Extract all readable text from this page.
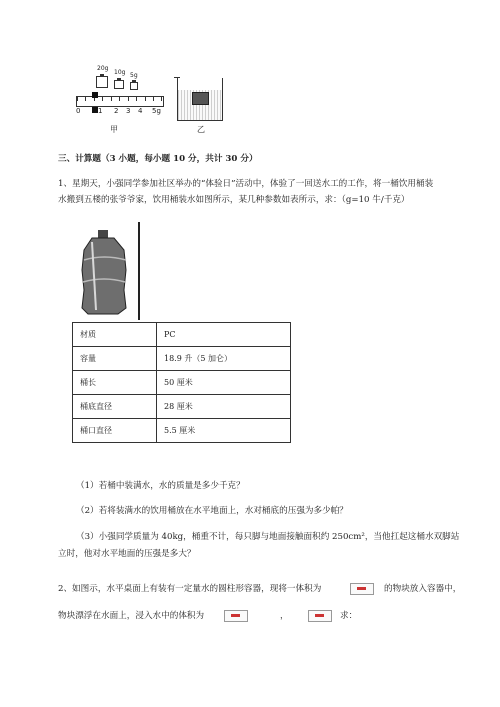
20g
10g 5g
0	1 2 3 4 5g
甲	乙
三、计算题（3 小题，每小题 10 分，共计 30 分）
1、星期天，小强同学参加社区举办的“体验日”活动中，体验了一回送水工的工作，将一桶饮用桶装
水搬到五楼的张爷爷家，饮用桶装水如图所示，某几种参数如表所示，求：（g=10 牛/千克）
材质	PC
容量	18.9 升（5 加仑）
桶长	50 厘米
桶底直径	28 厘米
桶口直径	5.5 厘米
（1）若桶中装满水，水的质量是多少千克？
（2）若将装满水的饮用桶放在水平地面上，水对桶底的压强为多少帕？
（3）小强同学质量为 40kg，桶重不计，每只脚与地面接触面积约 250cm²，当他扛起这桶水双脚站
立时，他对水平地面的压强是多大？
2、如图示，水平桌面上有装有一定量水的圆柱形容器，现将一体积为	的物块放入容器中，
物块漂浮在水面上，浸入水中的体积为	，	求：
